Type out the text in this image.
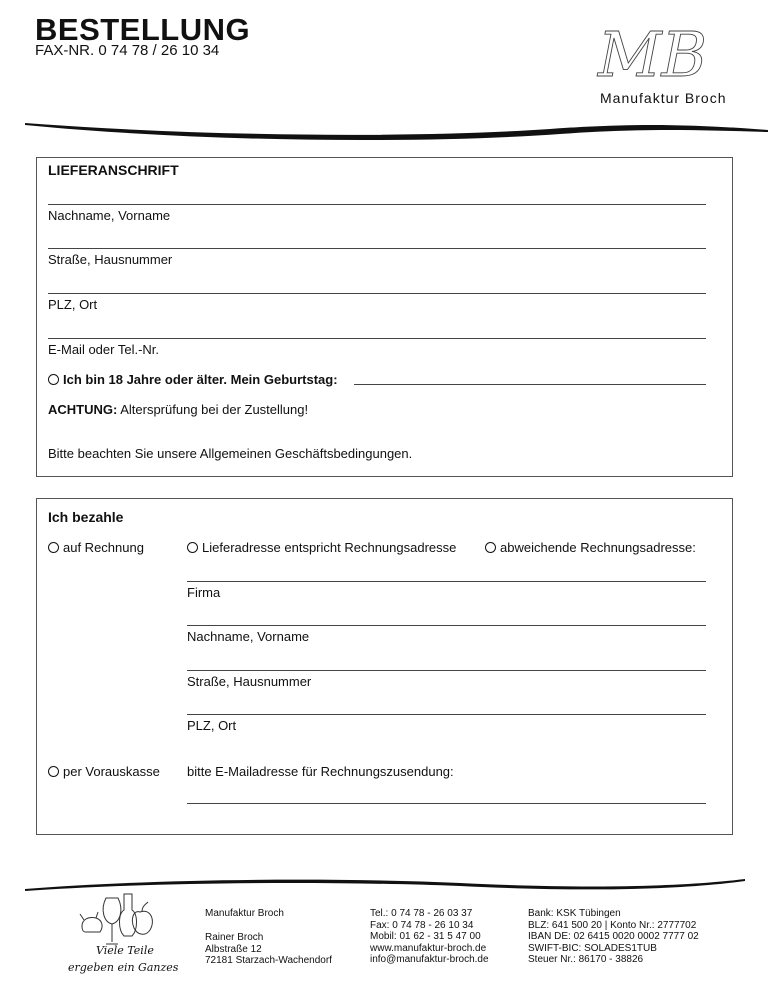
BESTELLUNG
FAX-NR. 0 74 78 / 26 10 34	MB
Manufaktur Broch
LIEFERANSCHRIFT
Nachname, Vorname
Straße, Hausnummer
PLZ, Ort
E-Mail oder Tel.-Nr.
Ich bin 18 Jahre oder älter. Mein Geburtstag:
ACHTUNG: Altersprüfung bei der Zustellung!
Bitte beachten Sie unsere Allgemeinen Geschäftsbedingungen.
Ich bezahle
auf Rechnung	Lieferadresse entspricht Rechnungsadresse	abweichende Rechnungsadresse:
Firma
Nachname, Vorname
Straße, Hausnummer
PLZ, Ort
per Vorauskasse bitte E-Mailadresse für Rechnungszusendung:
Viele Teile
ergeben ein Ganzes
Manufaktur Broch
Rainer Broch
Albstraße 12
72181 Starzach-Wachendorf
Tel.: 0 74 78 - 26 03 37
Fax: 0 74 78 - 26 10 34
Mobil: 01 62 - 31 5 47 00
www.manufaktur-broch.de
info@manufaktur-broch.de
Bank: KSK Tübingen
BLZ: 641 500 20 | Konto Nr.: 2777702
IBAN DE: 02 6415 0020 0002 7777 02
SWIFT-BIC: SOLADES1TUB
Steuer Nr.: 86170 - 38826
